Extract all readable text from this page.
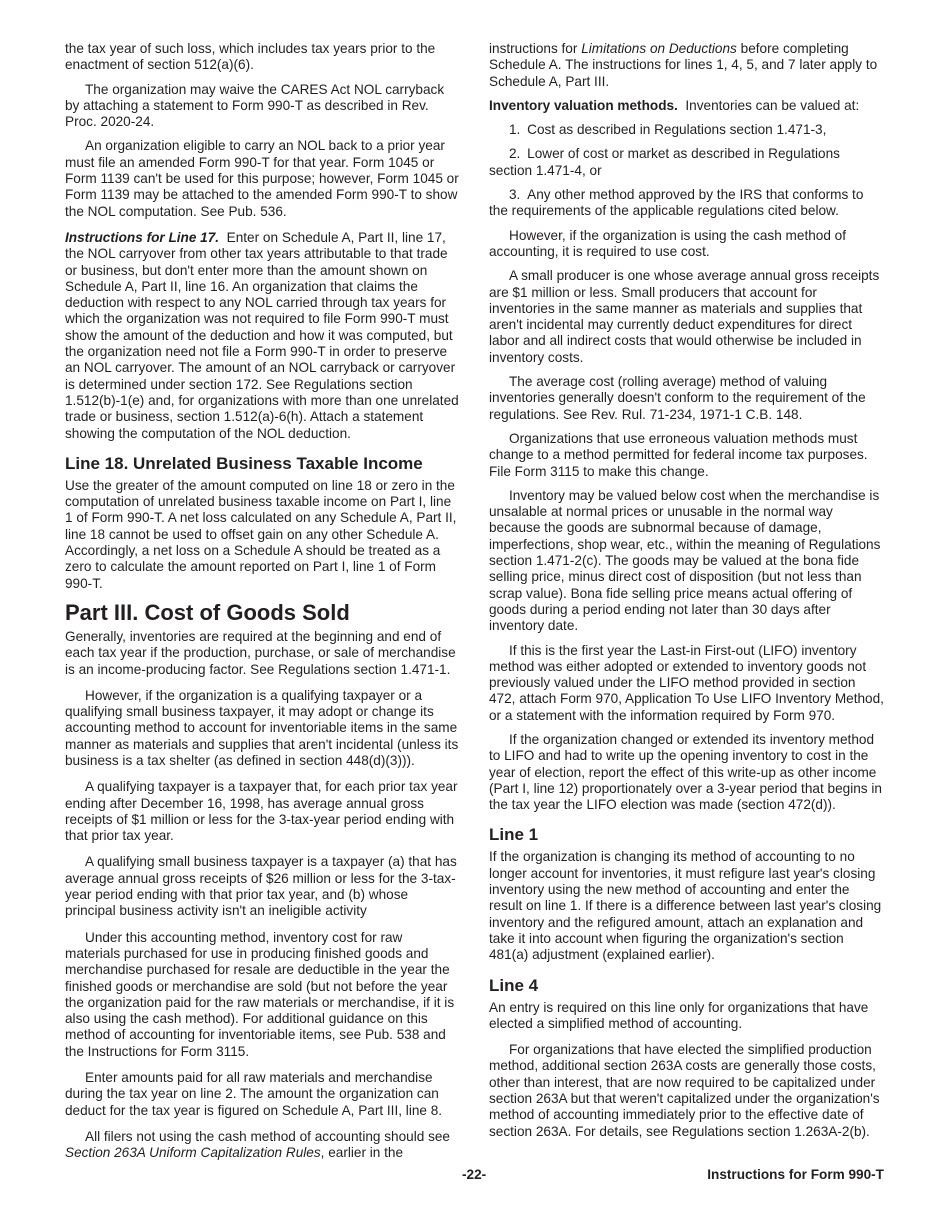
the tax year of such loss, which includes tax years prior to the enactment of section 512(a)(6).

The organization may waive the CARES Act NOL carryback by attaching a statement to Form 990-T as described in Rev. Proc. 2020-24.

An organization eligible to carry an NOL back to a prior year must file an amended Form 990-T for that year. Form 1045 or Form 1139 can't be used for this purpose; however, Form 1045 or Form 1139 may be attached to the amended Form 990-T to show the NOL computation. See Pub. 536.

Instructions for Line 17. Enter on Schedule A, Part II, line 17, the NOL carryover from other tax years attributable to that trade or business, but don't enter more than the amount shown on Schedule A, Part II, line 16. An organization that claims the deduction with respect to any NOL carried through tax years for which the organization was not required to file Form 990-T must show the amount of the deduction and how it was computed, but the organization need not file a Form 990-T in order to preserve an NOL carryover. The amount of an NOL carryback or carryover is determined under section 172. See Regulations section 1.512(b)-1(e) and, for organizations with more than one unrelated trade or business, section 1.512(a)-6(h). Attach a statement showing the computation of the NOL deduction.

Line 18. Unrelated Business Taxable Income

Use the greater of the amount computed on line 18 or zero in the computation of unrelated business taxable income on Part I, line 1 of Form 990-T. A net loss calculated on any Schedule A, Part II, line 18 cannot be used to offset gain on any other Schedule A. Accordingly, a net loss on a Schedule A should be treated as a zero to calculate the amount reported on Part I, line 1 of Form 990-T.

Part III. Cost of Goods Sold

Generally, inventories are required at the beginning and end of each tax year if the production, purchase, or sale of merchandise is an income-producing factor. See Regulations section 1.471-1.

However, if the organization is a qualifying taxpayer or a qualifying small business taxpayer, it may adopt or change its accounting method to account for inventoriable items in the same manner as materials and supplies that aren't incidental (unless its business is a tax shelter (as defined in section 448(d)(3))).

A qualifying taxpayer is a taxpayer that, for each prior tax year ending after December 16, 1998, has average annual gross receipts of $1 million or less for the 3-tax-year period ending with that prior tax year.

A qualifying small business taxpayer is a taxpayer (a) that has average annual gross receipts of $26 million or less for the 3-tax-year period ending with that prior tax year, and (b) whose principal business activity isn't an ineligible activity

Under this accounting method, inventory cost for raw materials purchased for use in producing finished goods and merchandise purchased for resale are deductible in the year the finished goods or merchandise are sold (but not before the year the organization paid for the raw materials or merchandise, if it is also using the cash method). For additional guidance on this method of accounting for inventoriable items, see Pub. 538 and the Instructions for Form 3115.

Enter amounts paid for all raw materials and merchandise during the tax year on line 2. The amount the organization can deduct for the tax year is figured on Schedule A, Part III, line 8.

All filers not using the cash method of accounting should see Section 263A Uniform Capitalization Rules, earlier in the

instructions for Limitations on Deductions before completing Schedule A. The instructions for lines 1, 4, 5, and 7 later apply to Schedule A, Part III.

Inventory valuation methods. Inventories can be valued at:

1. Cost as described in Regulations section 1.471-3,

2. Lower of cost or market as described in Regulations section 1.471-4, or

3. Any other method approved by the IRS that conforms to the requirements of the applicable regulations cited below.

However, if the organization is using the cash method of accounting, it is required to use cost.

A small producer is one whose average annual gross receipts are $1 million or less. Small producers that account for inventories in the same manner as materials and supplies that aren't incidental may currently deduct expenditures for direct labor and all indirect costs that would otherwise be included in inventory costs.

The average cost (rolling average) method of valuing inventories generally doesn't conform to the requirement of the regulations. See Rev. Rul. 71-234, 1971-1 C.B. 148.

Organizations that use erroneous valuation methods must change to a method permitted for federal income tax purposes. File Form 3115 to make this change.

Inventory may be valued below cost when the merchandise is unsalable at normal prices or unusable in the normal way because the goods are subnormal because of damage, imperfections, shop wear, etc., within the meaning of Regulations section 1.471-2(c). The goods may be valued at the bona fide selling price, minus direct cost of disposition (but not less than scrap value). Bona fide selling price means actual offering of goods during a period ending not later than 30 days after inventory date.

If this is the first year the Last-in First-out (LIFO) inventory method was either adopted or extended to inventory goods not previously valued under the LIFO method provided in section 472, attach Form 970, Application To Use LIFO Inventory Method, or a statement with the information required by Form 970.

If the organization changed or extended its inventory method to LIFO and had to write up the opening inventory to cost in the year of election, report the effect of this write-up as other income (Part I, line 12) proportionately over a 3-year period that begins in the tax year the LIFO election was made (section 472(d)).

Line 1

If the organization is changing its method of accounting to no longer account for inventories, it must refigure last year's closing inventory using the new method of accounting and enter the result on line 1. If there is a difference between last year's closing inventory and the refigured amount, attach an explanation and take it into account when figuring the organization's section 481(a) adjustment (explained earlier).

Line 4

An entry is required on this line only for organizations that have elected a simplified method of accounting.

For organizations that have elected the simplified production method, additional section 263A costs are generally those costs, other than interest, that are now required to be capitalized under section 263A but that weren't capitalized under the organization's method of accounting immediately prior to the effective date of section 263A. For details, see Regulations section 1.263A-2(b).

-22-	Instructions for Form 990-T
